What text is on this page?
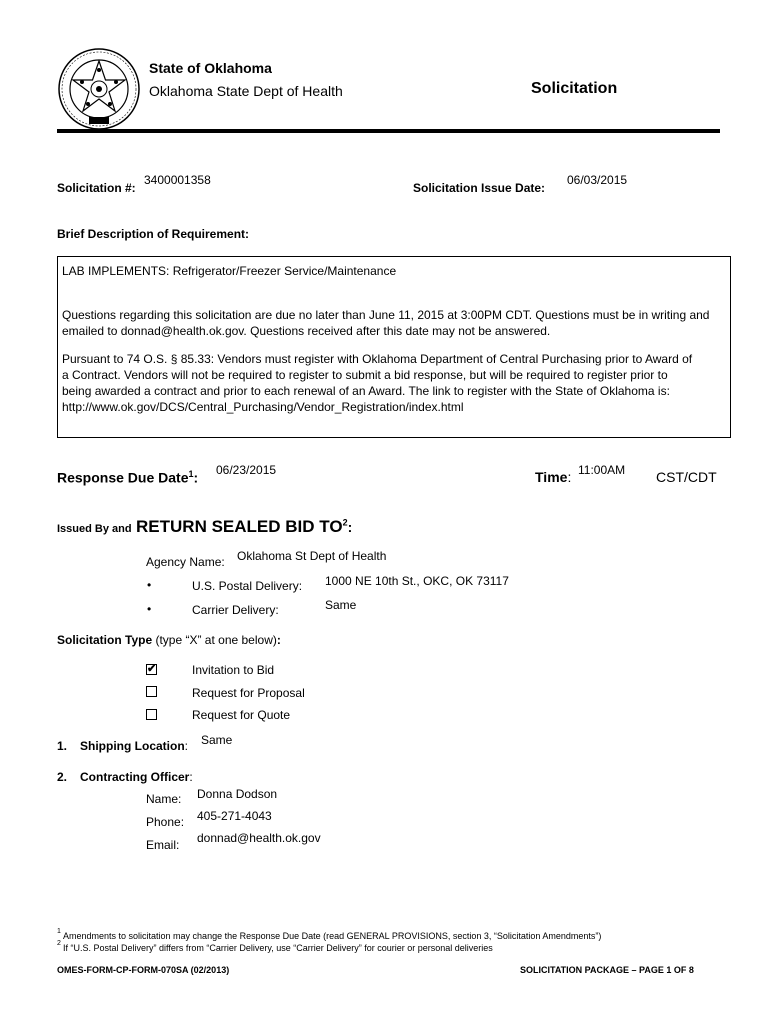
State of Oklahoma
Oklahoma State Dept of Health	Solicitation
Solicitation #:
3400001358
Solicitation Issue Date:
06/03/2015
Brief Description of Requirement:
LAB IMPLEMENTS: Refrigerator/Freezer Service/Maintenance
Questions regarding this solicitation are due no later than June 11, 2015 at 3:00PM CDT. Questions must be in writing and emailed to donnad@health.ok.gov. Questions received after this date may not be answered.
Pursuant to 74 O.S. § 85.33: Vendors must register with Oklahoma Department of Central Purchasing prior to Award of
a Contract. Vendors will not be required to register to submit a bid response, but will be required to register prior to
being awarded a contract and prior to each renewal of an Award. The link to register with the State of Oklahoma is:
http://www.ok.gov/DCS/Central_Purchasing/Vendor_Registration/index.html
Response Due Date$^1$: 06/23/2015	Time: 11:00AM CST/CDT
Issued By and RETURN SEALED BID $TO^2$:
Agency Name: Oklahoma St Dept of Health
•	U.S. Postal Delivery: 1000 NE 10th St., OKC, OK 73117
•	Carrier Delivery:	Same
Solicitation Type (type “X” at one below):
✔	Invitation to Bid
Request for Proposal
Request for Quote
1. Shipping Location: Same
2. Contracting Officer:
Name: Donna Dodson
Phone: 405-271-4043
Email: donnad@health.ok.gov
1 Amendments to solicitation may change the Response Due Date (read GENERAL PROVISIONS, section 3, “Solicitation Amendments”)
2 If “U.S. Postal Delivery” differs from “Carrier Delivery, use “Carrier Delivery” for courier or personal deliveries
OMES-FORM-CP-FORM-070SA (02/2013)	SOLICITATION PACKAGE – PAGE 1 OF 8
